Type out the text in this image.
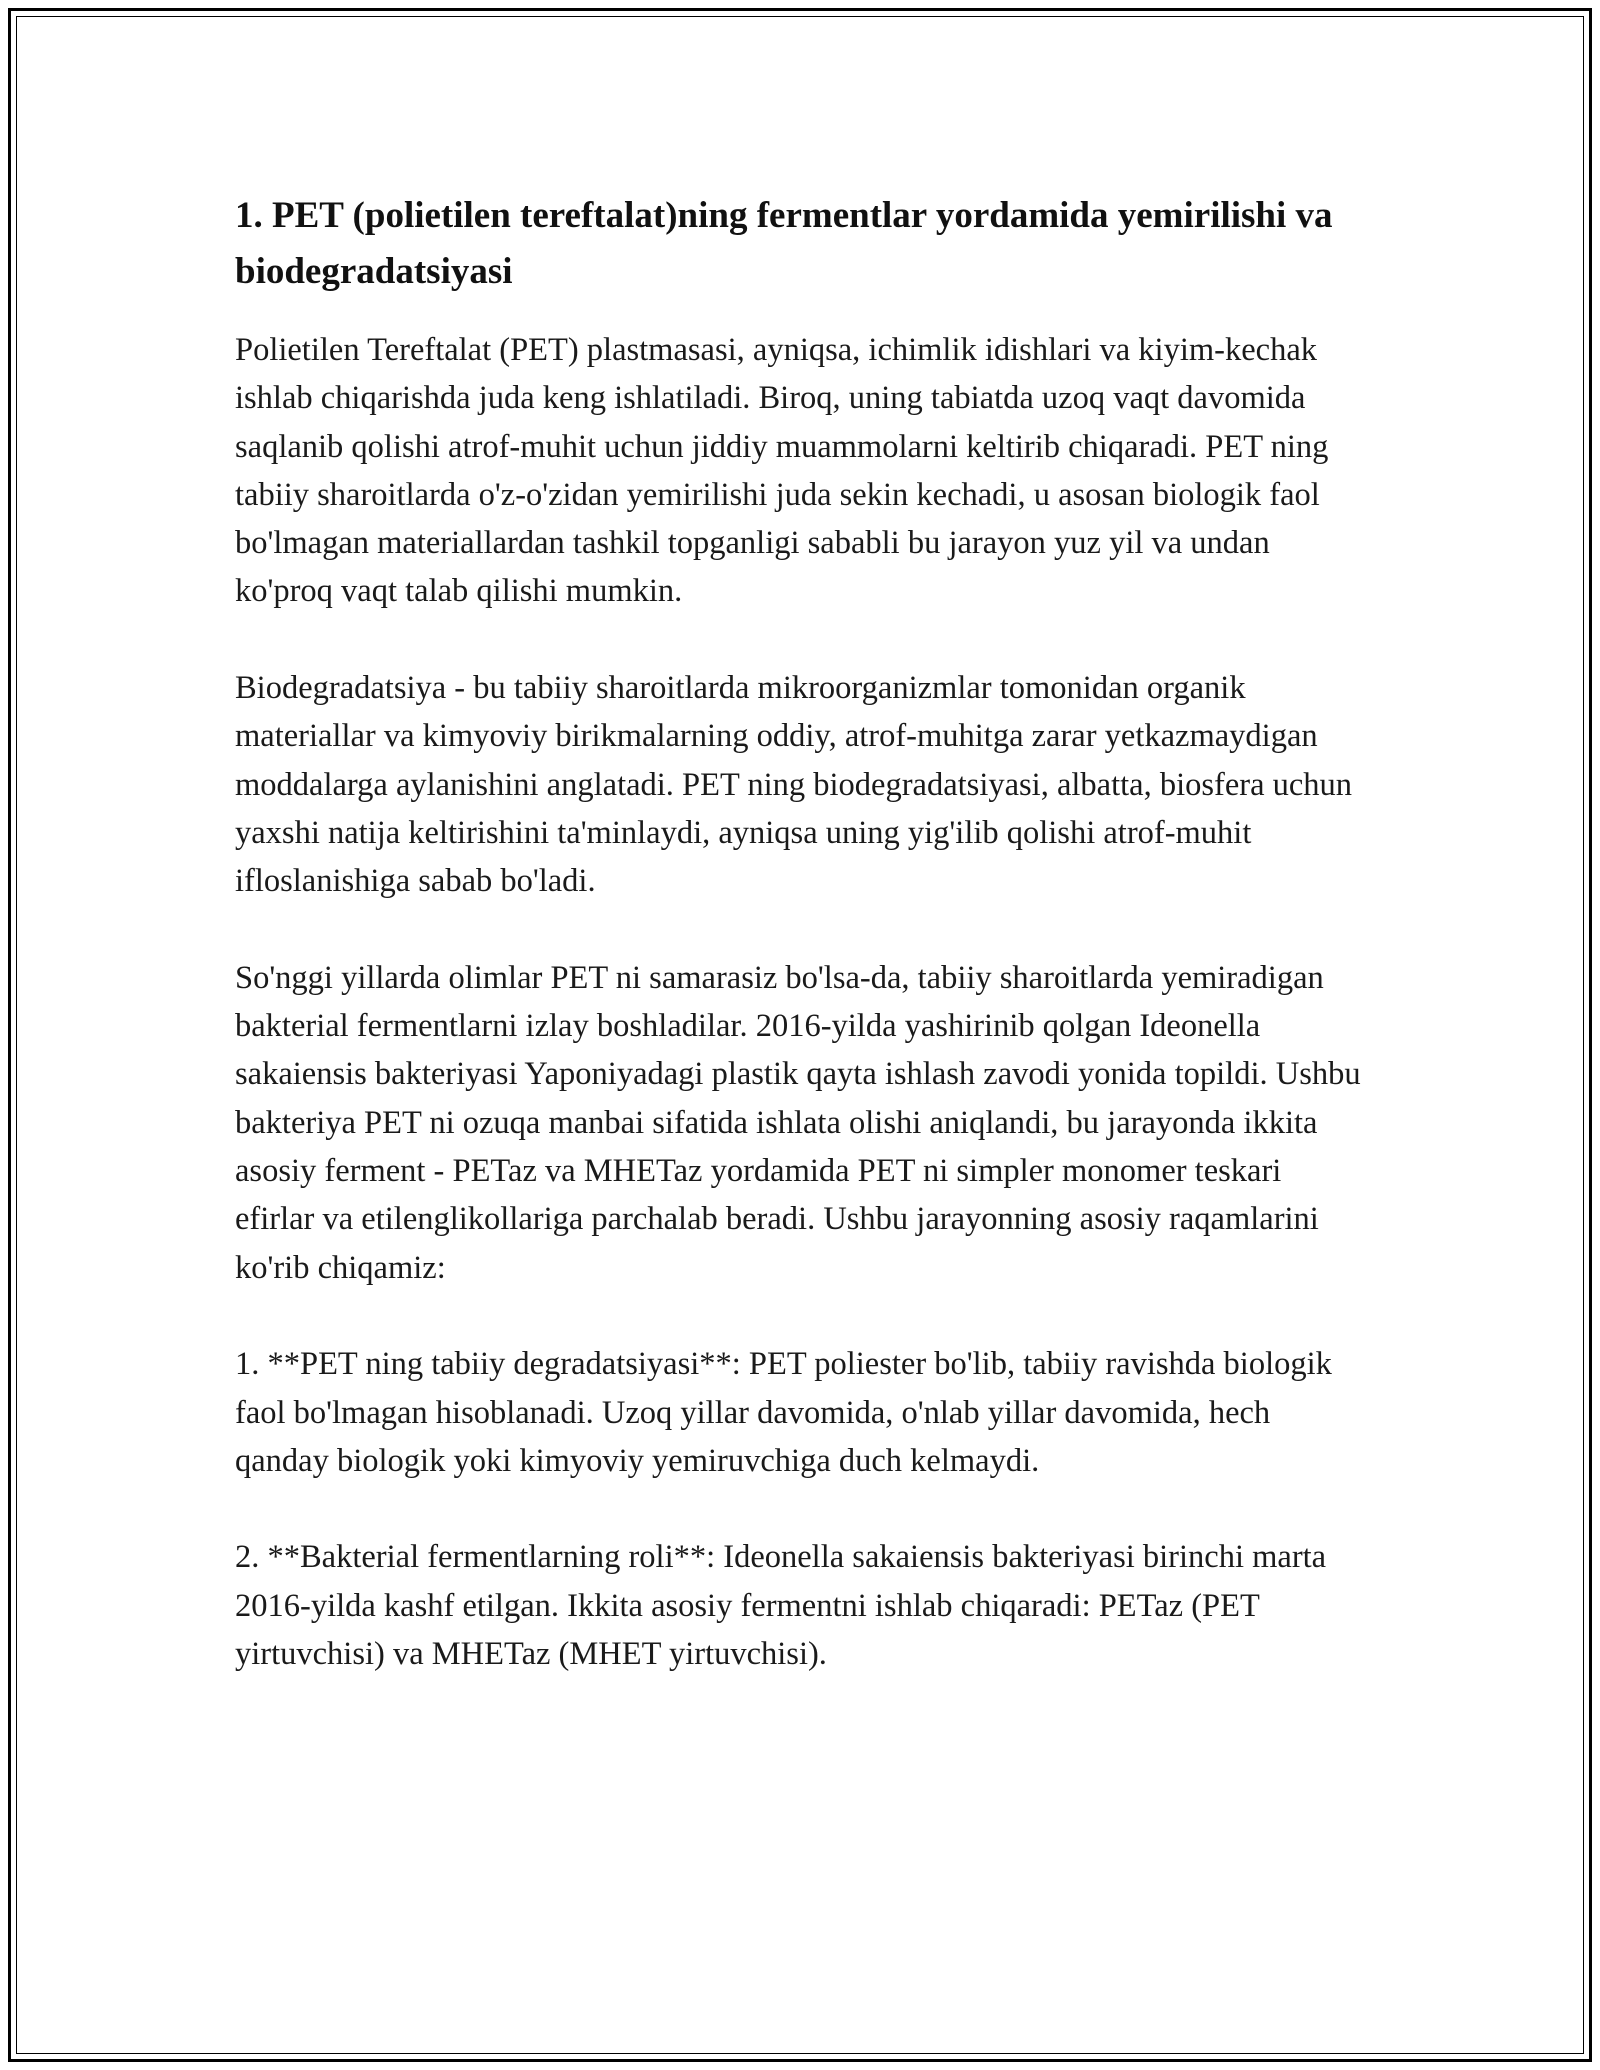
1. PET (polietilen tereftalat)ning fermentlar yordamida yemirilishi va biodegradatsiyasi

Polietilen Tereftalat (PET) plastmasasi, ayniqsa, ichimlik idishlari va kiyim-kechak ishlab chiqarishda juda keng ishlatiladi. Biroq, uning tabiatda uzoq vaqt davomida saqlanib qolishi atrof-muhit uchun jiddiy muammolarni keltirib chiqaradi. PET ning tabiiy sharoitlarda o'z-o'zidan yemirilishi juda sekin kechadi, u asosan biologik faol bo'lmagan materiallardan tashkil topganligi sababli bu jarayon yuz yil va undan ko'proq vaqt talab qilishi mumkin.

Biodegradatsiya - bu tabiiy sharoitlarda mikroorganizmlar tomonidan organik materiallar va kimyoviy birikmalarning oddiy, atrof-muhitga zarar yetkazmaydigan moddalarga aylanishini anglatadi. PET ning biodegradatsiyasi, albatta, biosfera uchun yaxshi natija keltirishini ta'minlaydi, ayniqsa uning yig'ilib qolishi atrof-muhit ifloslanishiga sabab bo'ladi.

So'nggi yillarda olimlar PET ni samarasiz bo'lsa-da, tabiiy sharoitlarda yemiradigan bakterial fermentlarni izlay boshladilar. 2016-yilda yashirinib qolgan Ideonella sakaiensis bakteriyasi Yaponiyadagi plastik qayta ishlash zavodi yonida topildi. Ushbu bakteriya PET ni ozuqa manbai sifatida ishlata olishi aniqlandi, bu jarayonda ikkita asosiy ferment - PETaz va MHETaz yordamida PET ni simpler monomer teskari efirlar va etilenglikollariga parchalab beradi. Ushbu jarayonning asosiy raqamlarini ko'rib chiqamiz:

1. **PET ning tabiiy degradatsiyasi**: PET poliester bo'lib, tabiiy ravishda biologik faol bo'lmagan hisoblanadi. Uzoq yillar davomida, o'nlab yillar davomida, hech qanday biologik yoki kimyoviy yemiruvchiga duch kelmaydi.

2. **Bakterial fermentlarning roli**: Ideonella sakaiensis bakteriyasi birinchi marta 2016-yilda kashf etilgan. Ikkita asosiy fermentni ishlab chiqaradi: PETaz (PET yirtuvchisi) va MHETaz (MHET yirtuvchisi).
